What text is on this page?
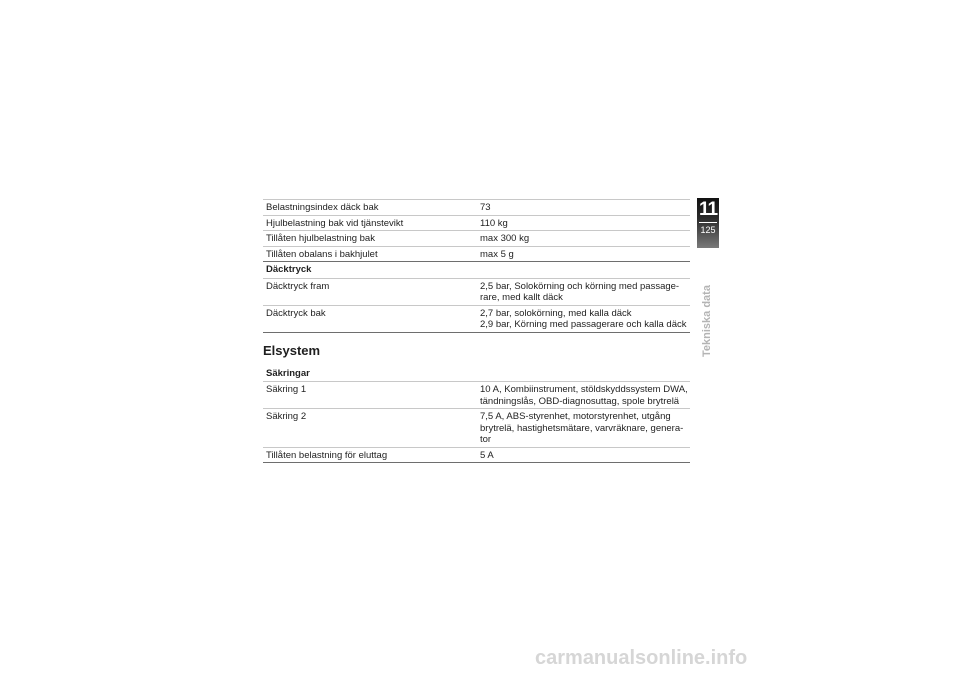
Belastningsindex däck bak	73
Hjulbelastning bak vid tjänstevikt	110 kg
Tillåten hjulbelastning bak	max 300 kg
Tillåten obalans i bakhjulet	max 5 g
Däcktryck
Däcktryck fram	2,5 bar, Solokörning och körning med passage-
rare, med kallt däck
Däcktryck bak	2,7 bar, solokörning, med kalla däck
2,9 bar, Körning med passagerare och kalla däck
Elsystem
Säkringar
Säkring 1	10 A, Kombiinstrument, stöldskyddssystem DWA,
tändningslås, OBD-diagnosuttag, spole brytrelä
Säkring 2	7,5 A, ABS-styrenhet, motorstyrenhet, utgång
brytrelä, hastighetsmätare, varvräknare, genera-
tor
Tillåten belastning för eluttag	5 A
11
125
Tekniska data
carmanualsonline.info
